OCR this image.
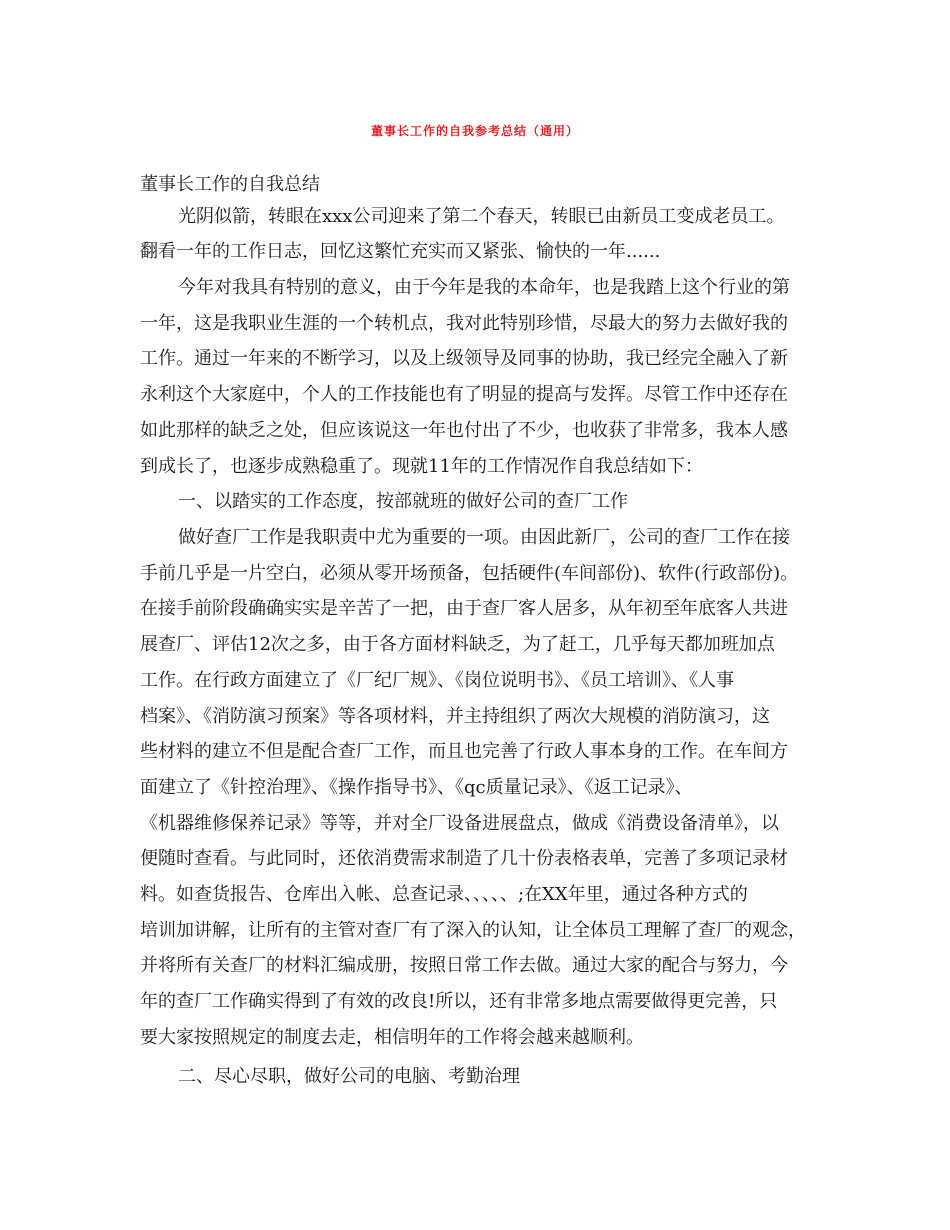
董事长工作的自我参考总结（通用）
董事长工作的自我总结
光阴似箭，转眼在xxx公司迎来了第二个春天，转眼已由新员工变成老员工。
翻看一年的工作日志，回忆这繁忙充实而又紧张、愉快的一年......
今年对我具有特别的意义，由于今年是我的本命年，也是我踏上这个行业的第
一年，这是我职业生涯的一个转机点，我对此特别珍惜，尽最大的努力去做好我的
工作。通过一年来的不断学习，以及上级领导及同事的协助，我已经完全融入了新
永利这个大家庭中，个人的工作技能也有了明显的提高与发挥。尽管工作中还存在
如此那样的缺乏之处，但应该说这一年也付出了不少，也收获了非常多，我本人感
到成长了，也逐步成熟稳重了。现就11年的工作情况作自我总结如下：
一、以踏实的工作态度，按部就班的做好公司的查厂工作
做好查厂工作是我职责中尤为重要的一项。由因此新厂，公司的查厂工作在接
手前几乎是一片空白，必须从零开场预备，包括硬件(车间部份)、软件(行政部份)。
在接手前阶段确确实实是辛苦了一把，由于查厂客人居多，从年初至年底客人共进
展查厂、评估12次之多，由于各方面材料缺乏，为了赶工，几乎每天都加班加点
工作。在行政方面建立了《厂纪厂规》、《岗位说明书》、《员工培训》、《人事
档案》、《消防演习预案》等各项材料，并主持组织了两次大规模的消防演习，这
些材料的建立不但是配合查厂工作，而且也完善了行政人事本身的工作。在车间方
面建立了《针控治理》、《操作指导书》、《qc质量记录》、《返工记录》、
《机器维修保养记录》等等，并对全厂设备进展盘点，做成《消费设备清单》，以
便随时查看。与此同时，还依消费需求制造了几十份表格表单，完善了多项记录材
料。如查货报告、仓库出入帐、总查记录、、、、、;在XX年里，通过各种方式的
培训加讲解，让所有的主管对查厂有了深入的认知，让全体员工理解了查厂的观念，
并将所有关查厂的材料汇编成册，按照日常工作去做。通过大家的配合与努力，今
年的查厂工作确实得到了有效的改良!所以，还有非常多地点需要做得更完善，只
要大家按照规定的制度去走，相信明年的工作将会越来越顺利。
二、尽心尽职，做好公司的电脑、考勤治理
